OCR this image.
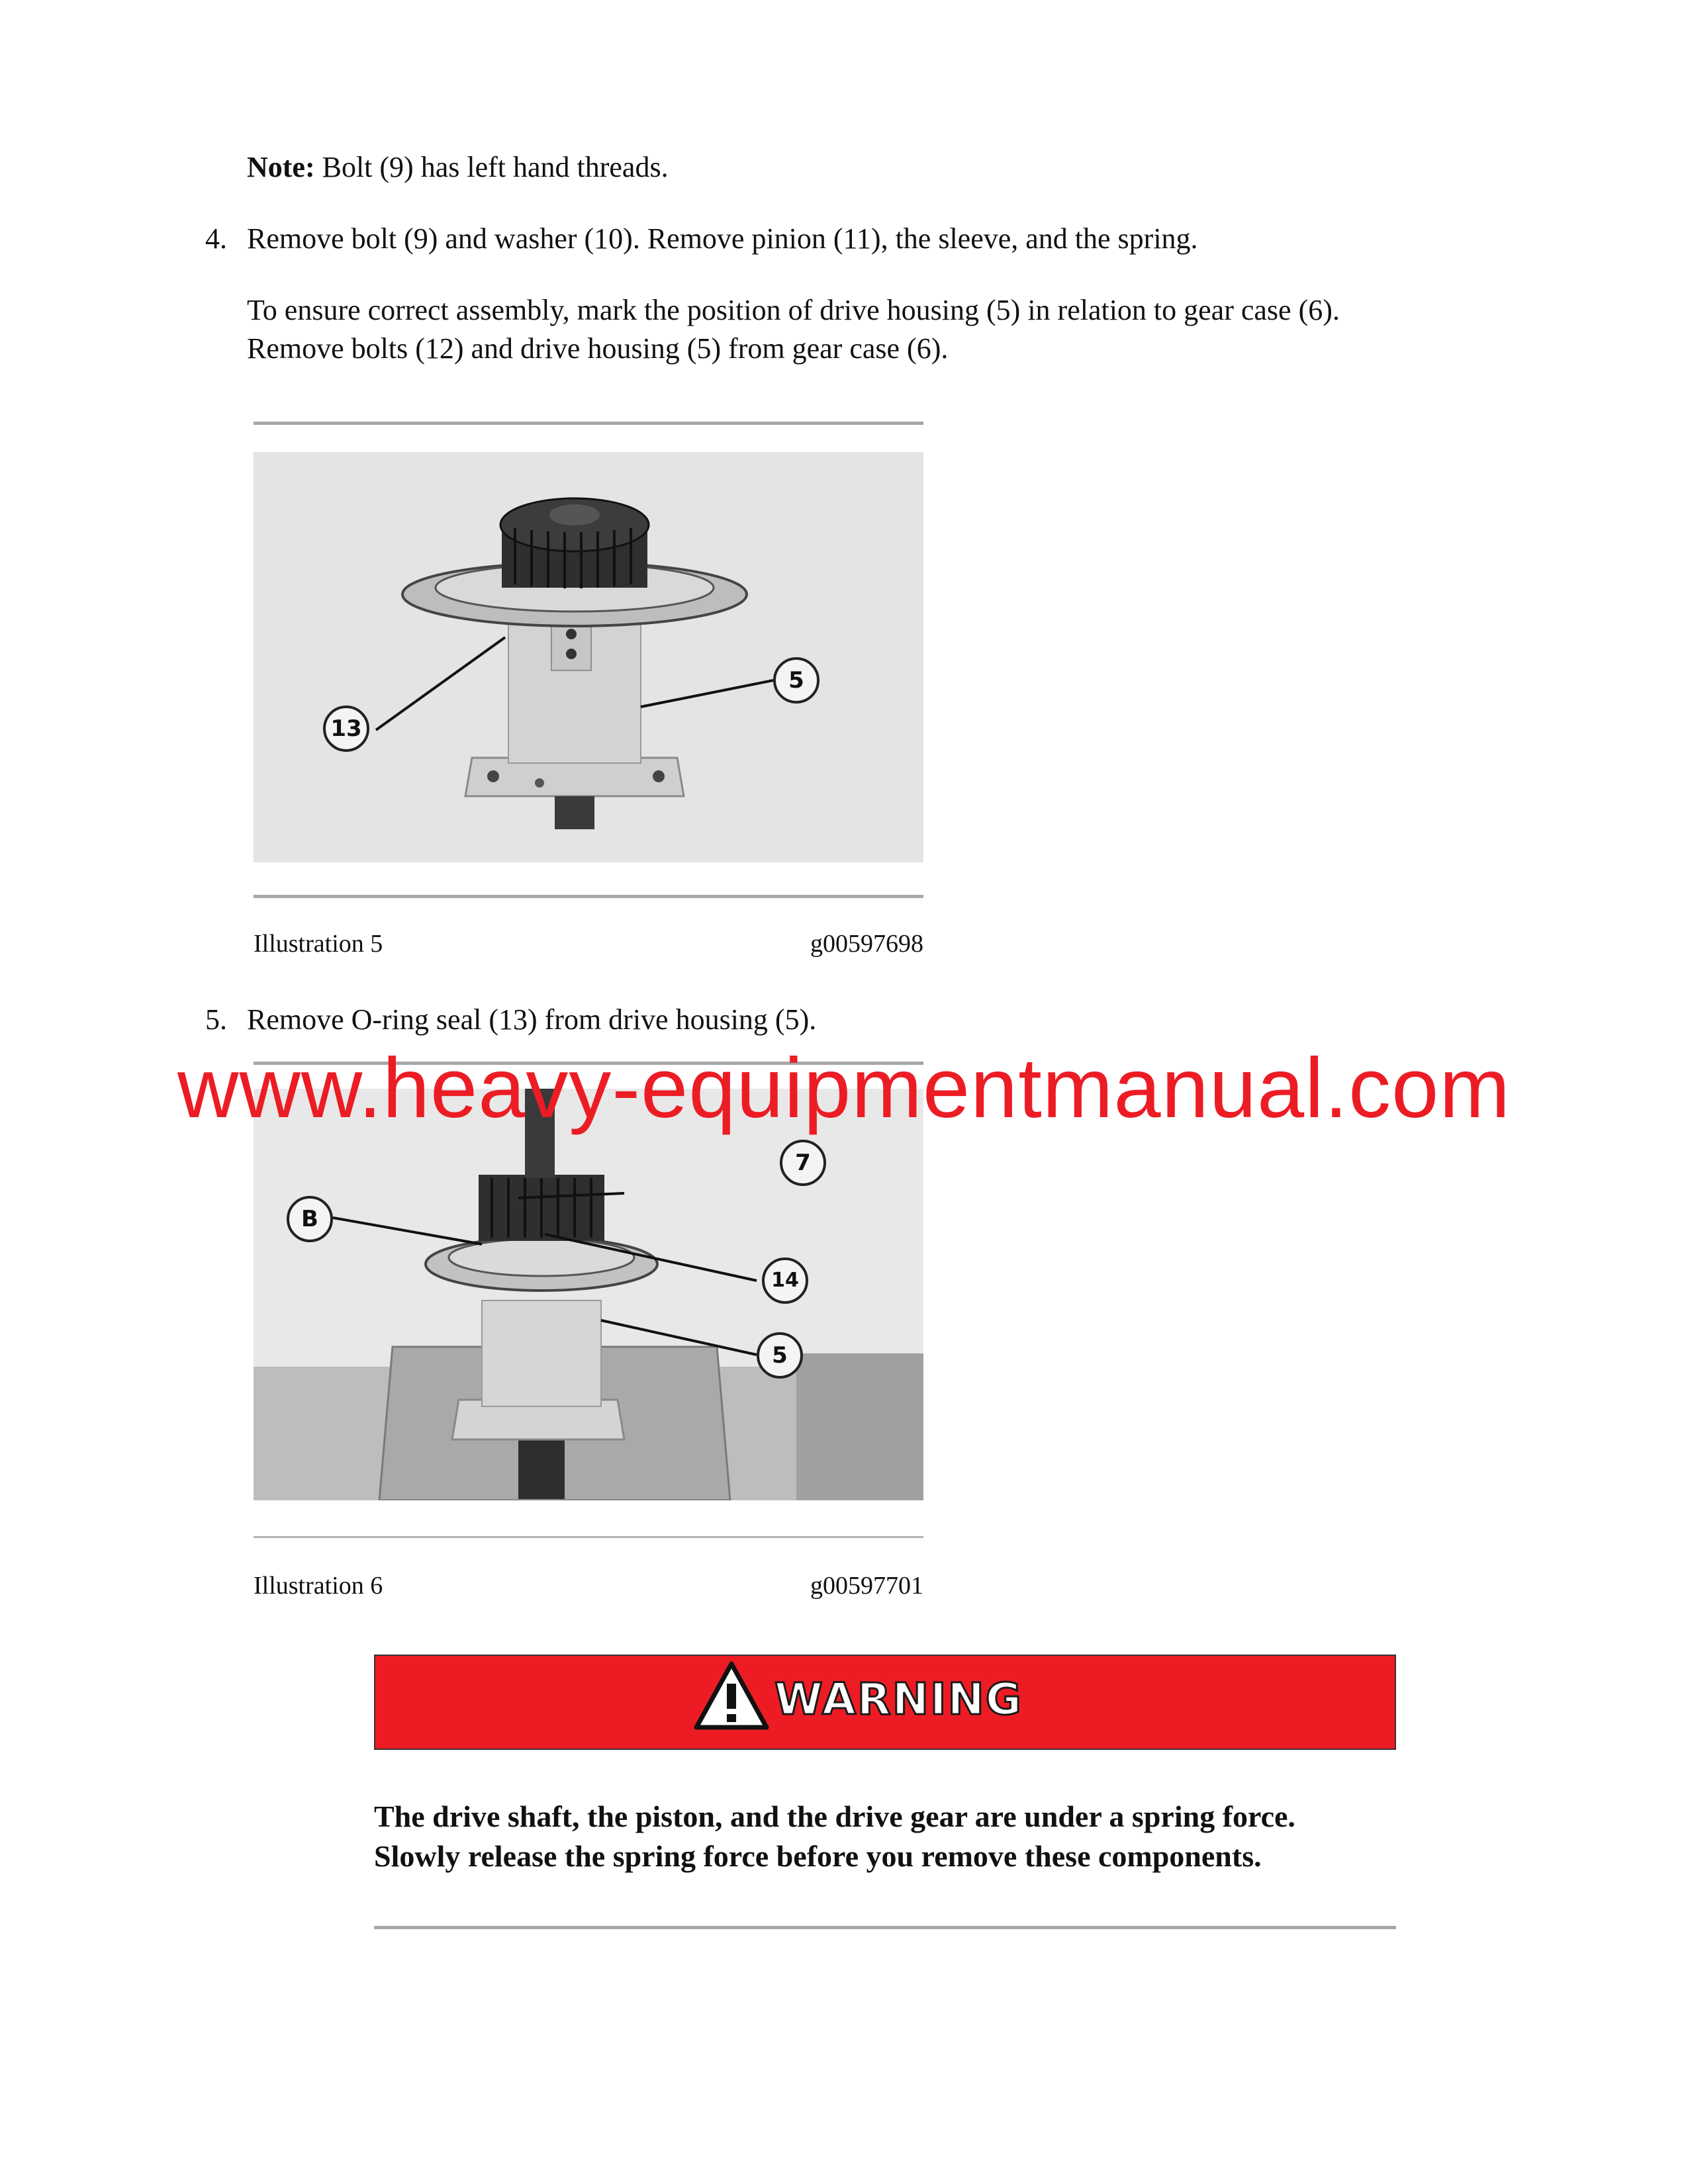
Note: Bolt (9) has left hand threads.
4. Remove bolt (9) and washer (10). Remove pinion (11), the sleeve, and the spring.
To ensure correct assembly, mark the position of drive housing (5) in relation to gear case (6).
Remove bolts (12) and drive housing (5) from gear case (6).
13
5
Illustration 5	g00597698
5. Remove O-ring seal (13) from drive housing (5).
B
7
14
5
Illustration 6	g00597701
www.heavy-equipmentmanual.com
WARNING
The drive shaft, the piston, and the drive gear are under a spring force.
Slowly release the spring force before you remove these components.
